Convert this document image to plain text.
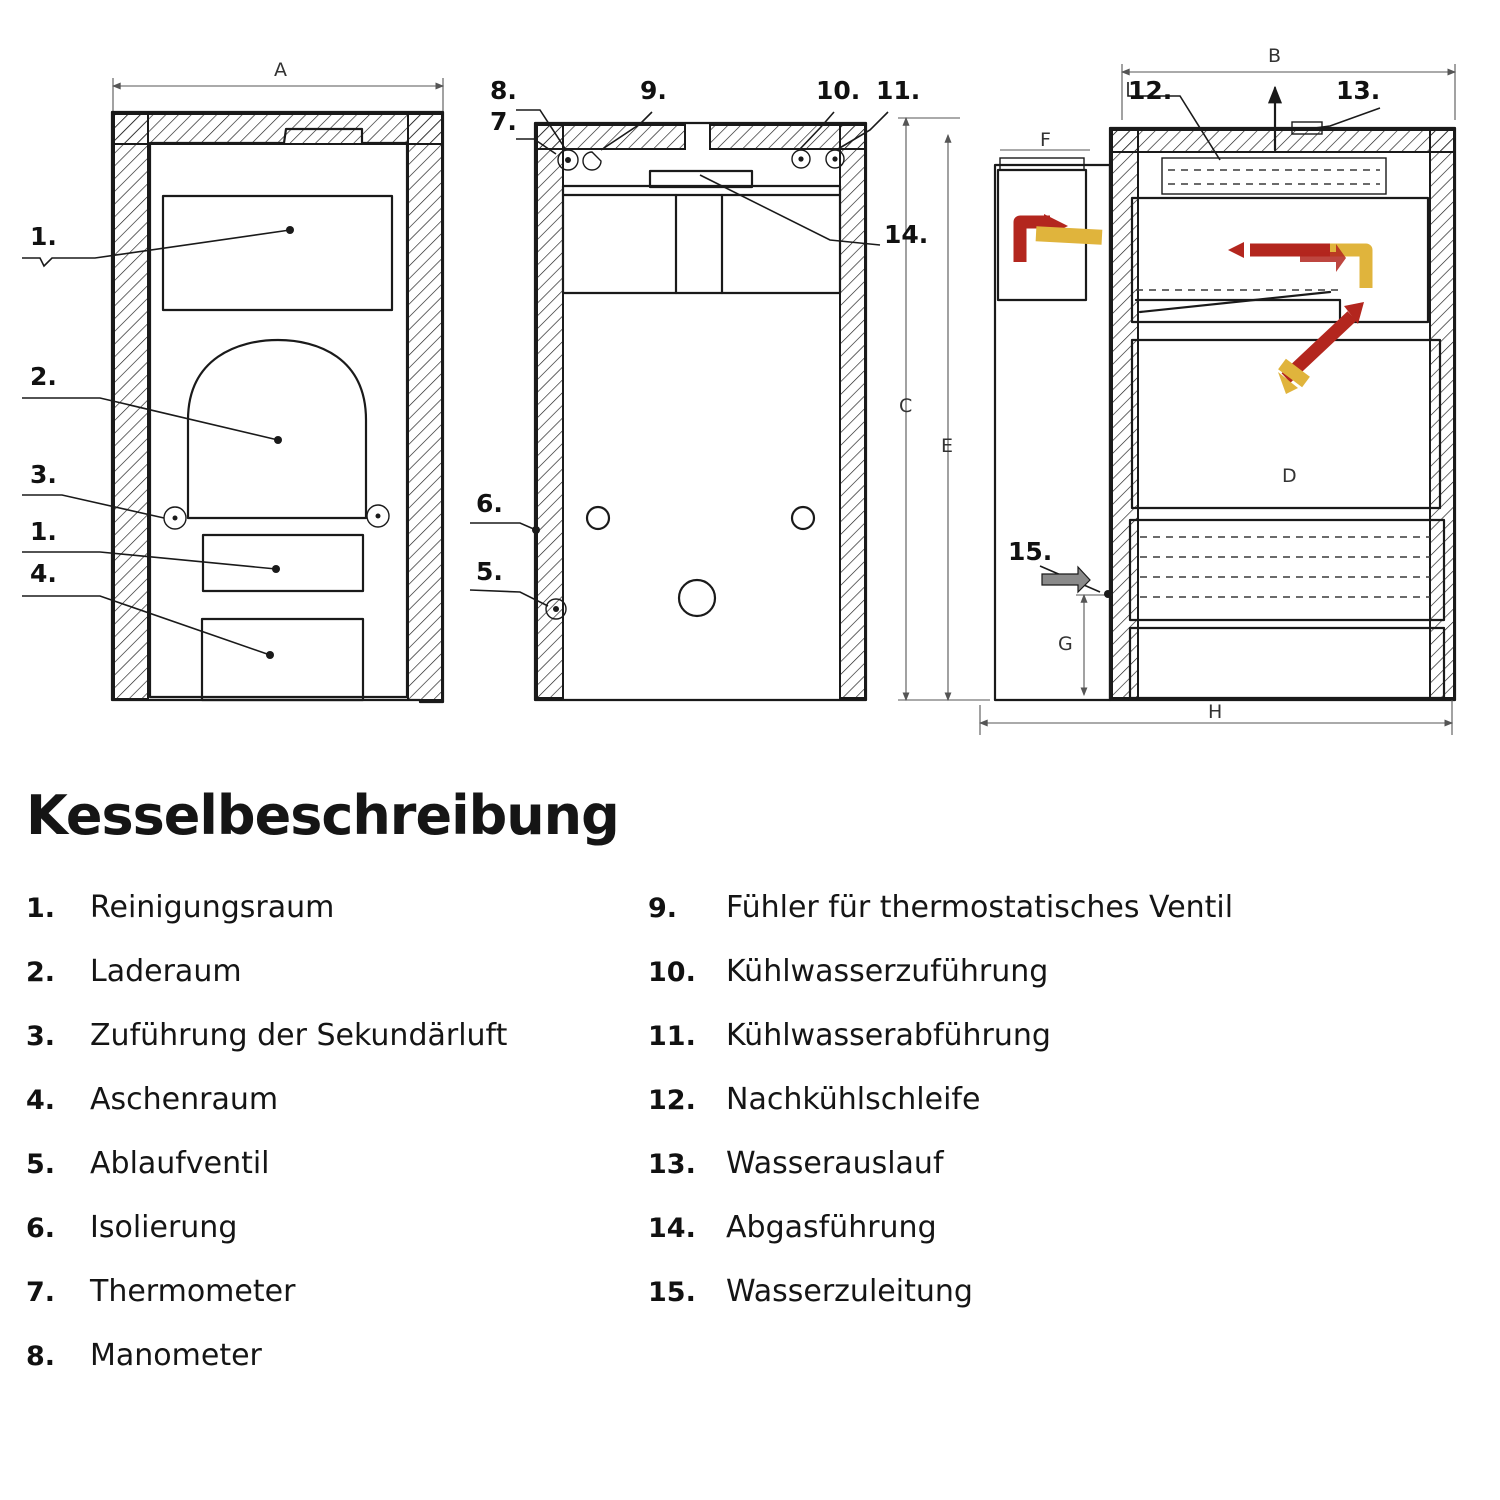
1.
2.
3.
1.
4.	5.
6.
7.
8.	9.	10. 11.
14.
12.	13.
15.
A
B
C
D
E
F
G
H
Kesselbeschreibung
1.	Reinigungsraum
2.	Laderaum
3.	Zuführung der Sekundärluft
4.	Aschenraum
5.	Ablaufventil
6.	Isolierung
7.	Thermometer
8.	Manometer
9.	Fühler für thermostatisches Ventil
10.	Kühlwasserzuführung
11.	Kühlwasserabführung
12.	Nachkühlschleife
13.	Wasserauslauf
14.	Abgasführung
15.	Wasserzuleitung
